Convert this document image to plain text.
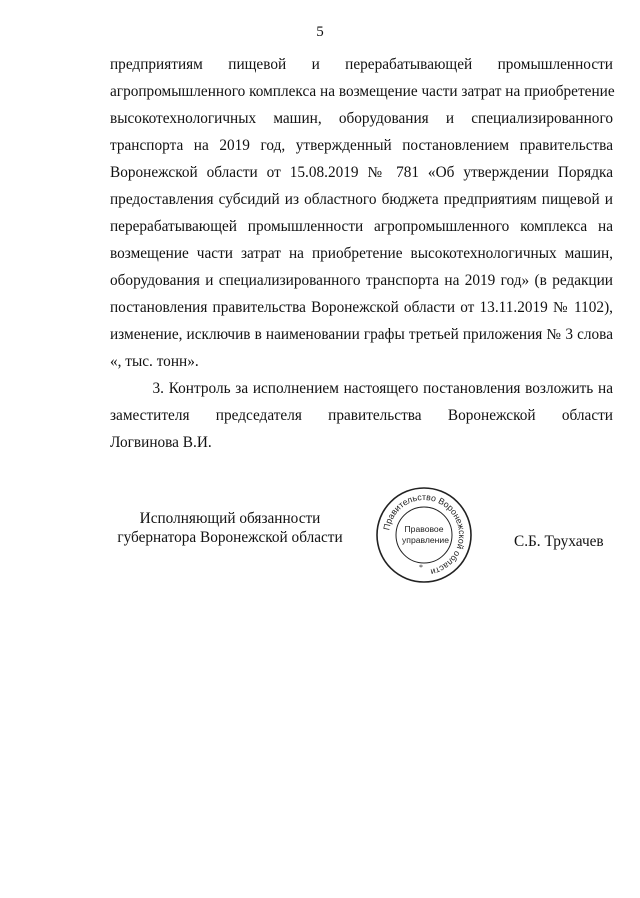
5
предприятиям пищевой и перерабатывающей промышленности
агропромышленного комплекса на возмещение части затрат на приобретение
высокотехнологичных машин, оборудования и специализированного
транспорта на 2019 год, утвержденный постановлением правительства
Воронежской области от 15.08.2019 № 781 «Об утверждении Порядка
предоставления субсидий из областного бюджета предприятиям пищевой и
перерабатывающей промышленности агропромышленного комплекса на
возмещение части затрат на приобретение высокотехнологичных машин,
оборудования и специализированного транспорта на 2019 год» (в редакции
постановления правительства Воронежской области от 13.11.2019 № 1102),
изменение, исключив в наименовании графы третьей приложения № 3 слова
«, тыс. тонн».
3. Контроль за исполнением настоящего постановления возложить на
заместителя председателя правительства Воронежской области
Логвинова В.И.
Исполняющий обязанности
губернатора Воронежской области
Правительство Воронежской области
Правовое
управление
*
С.Б. Трухачев
